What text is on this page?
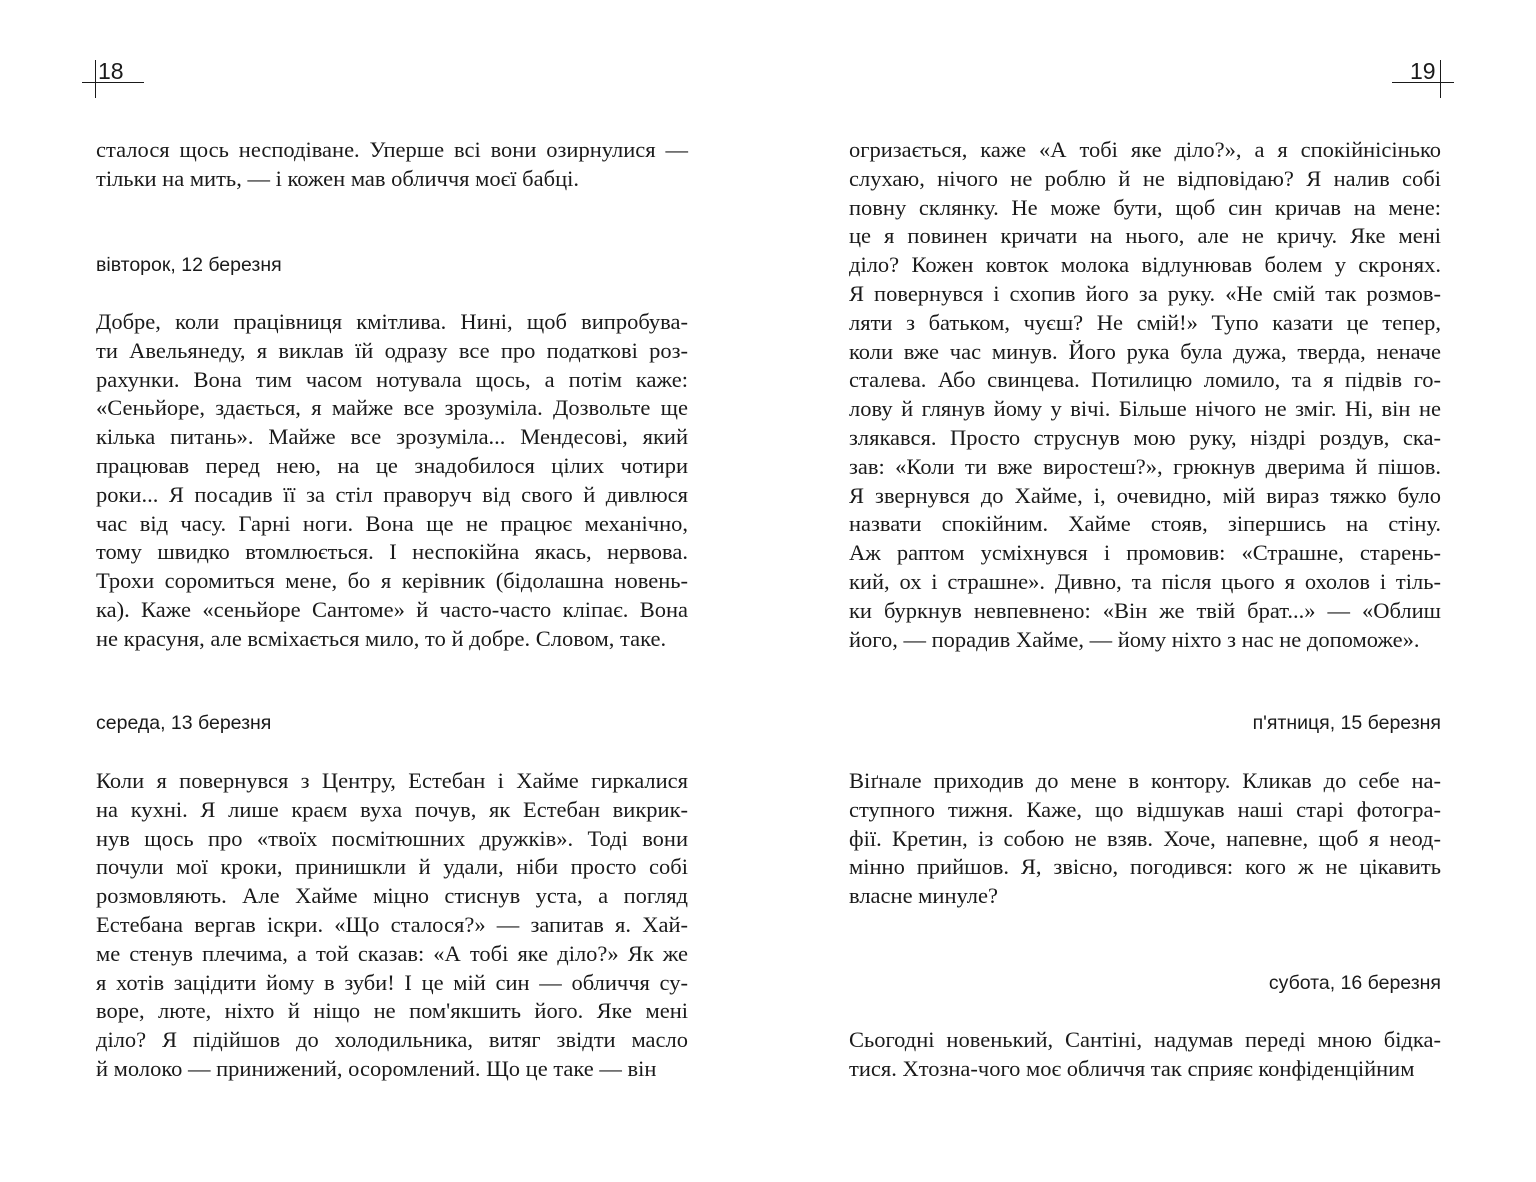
18
сталося щось несподіване. Уперше всі вони озирнулися —
тільки на мить, — і кожен мав обличчя моєї бабці.
вівторок, 12 березня
Добре, коли працівниця кмітлива. Нині, щоб випробува-
ти Авельянеду, я виклав їй одразу все про податкові роз-
рахунки. Вона тим часом нотувала щось, а потім каже:
«Сеньйоре, здається, я майже все зрозуміла. Дозвольте ще
кілька питань». Майже все зрозуміла... Мендесові, який
працював перед нею, на це знадобилося цілих чотири
роки... Я посадив її за стіл праворуч від свого й дивлюся
час від часу. Гарні ноги. Вона ще не працює механічно,
тому швидко втомлюється. І неспокійна якась, нервова.
Трохи соромиться мене, бо я керівник (бідолашна новень-
ка). Каже «сеньйоре Сантоме» й часто-часто кліпає. Вона
не красуня, але всміхається мило, то й добре. Словом, таке.
середа, 13 березня
Коли я повернувся з Центру, Естебан і Хайме гиркалися
на кухні. Я лише краєм вуха почув, як Естебан викрик-
нув щось про «твоїх посмітюшних дружків». Тоді вони
почули мої кроки, принишкли й удали, ніби просто собі
розмовляють. Але Хайме міцно стиснув уста, а погляд
Естебана вергав іскри. «Що сталося?» — запитав я. Хай-
ме стенув плечима, а той сказав: «А тобі яке діло?» Як же
я хотів зацідити йому в зуби! І це мій син — обличчя су-
воре, люте, ніхто й ніщо не пом'якшить його. Яке мені
діло? Я підійшов до холодильника, витяг звідти масло
й молоко — принижений, осоромлений. Що це таке — він
19
огризається, каже «А тобі яке діло?», а я спокійнісінько
слухаю, нічого не роблю й не відповідаю? Я налив собі
повну склянку. Не може бути, щоб син кричав на мене:
це я повинен кричати на нього, але не кричу. Яке мені
діло? Кожен ковток молока відлунював болем у скронях.
Я повернувся і схопив його за руку. «Не смій так розмов-
ляти з батьком, чуєш? Не смій!» Тупо казати це тепер,
коли вже час минув. Його рука була дужа, тверда, неначе
сталева. Або свинцева. Потилицю ломило, та я підвів го-
лову й глянув йому у вічі. Більше нічого не зміг. Ні, він не
злякався. Просто струснув мою руку, ніздрі роздув, ска-
зав: «Коли ти вже виростеш?», грюкнув дверима й пішов.
Я звернувся до Хайме, і, очевидно, мій вираз тяжко було
назвати спокійним. Хайме стояв, зіпершись на стіну.
Аж раптом усміхнувся і промовив: «Страшне, старень-
кий, ох і страшне». Дивно, та після цього я охолов і тіль-
ки буркнув невпевнено: «Він же твій брат...» — «Облиш
його, — порадив Хайме, — йому ніхто з нас не допоможе».
п'ятниця, 15 березня
Віґнале приходив до мене в контору. Кликав до себе на-
ступного тижня. Каже, що відшукав наші старі фотогра-
фії. Кретин, із собою не взяв. Хоче, напевне, щоб я неод-
мінно прийшов. Я, звісно, погодився: кого ж не цікавить
власне минуле?
субота, 16 березня
Сьогодні новенький, Сантіні, надумав переді мною бідка-
тися. Хтозна-чого моє обличчя так сприяє конфіденційним
